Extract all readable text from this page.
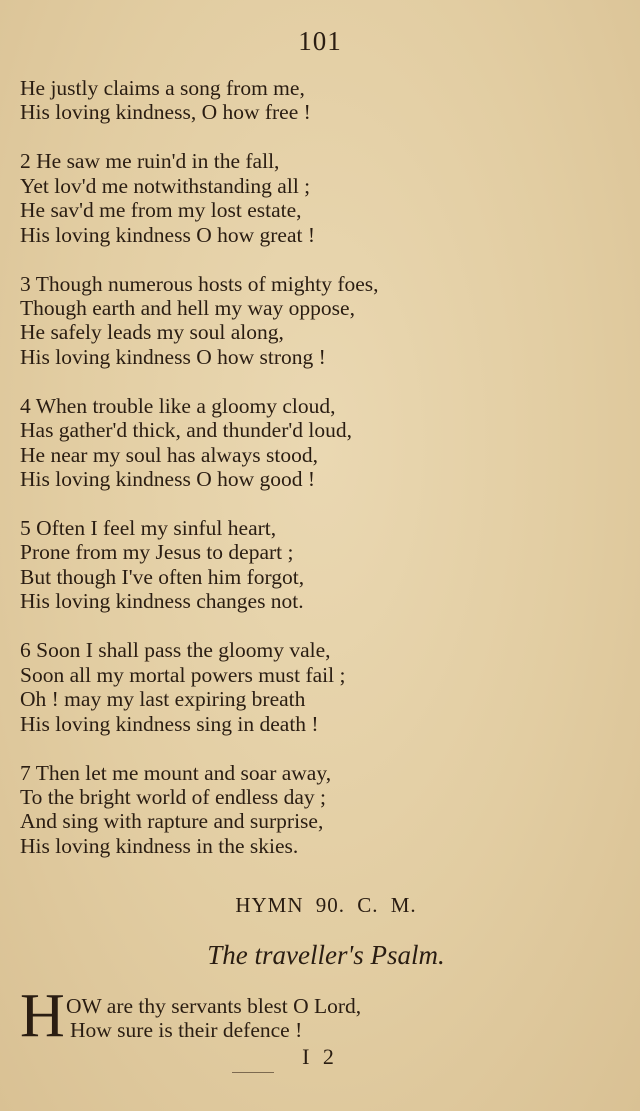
101
He justly claims a song from me,
His loving kindness, O how free !
2 He saw me ruin'd in the fall,
Yet lov'd me notwithstanding all ;
He sav'd me from my lost estate,
His loving kindness O how great !
3 Though numerous hosts of mighty foes,
Though earth and hell my way oppose,
He safely leads my soul along,
His loving kindness O how strong !
4 When trouble like a gloomy cloud,
Has gather'd thick, and thunder'd loud,
He near my soul has always stood,
His loving kindness O how good !
5 Often I feel my sinful heart,
Prone from my Jesus to depart ;
But though I've often him forgot,
His loving kindness changes not.
6 Soon I shall pass the gloomy vale,
Soon all my mortal powers must fail ;
Oh ! may my last expiring breath
His loving kindness sing in death !
7 Then let me mount and soar away,
To the bright world of endless day ;
And sing with rapture and surprise,
His loving kindness in the skies.
HYMN 90. C. M.
The traveller's Psalm.
H OW are thy servants blest O Lord,
How sure is their defence !
I 2
